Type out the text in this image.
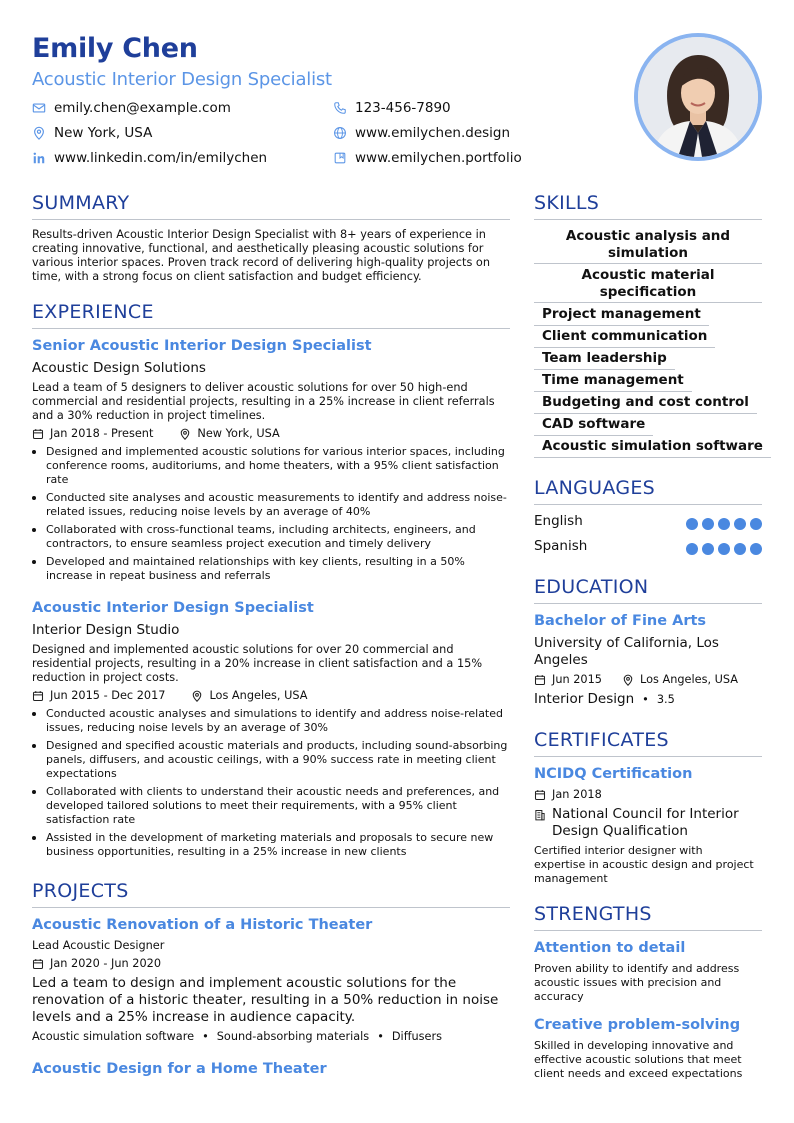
Emily Chen
Acoustic Interior Design Specialist
emily.chen@example.com	123-456-7890
New York, USA	www.emilychen.design
www.linkedin.com/in/emilychen	www.emilychen.portfolio
SUMMARY
Results-driven Acoustic Interior Design Specialist with 8+ years of experience in creating innovative, functional, and aesthetically pleasing acoustic solutions for various interior spaces. Proven track record of delivering high-quality projects on time, with a strong focus on client satisfaction and budget efficiency.
EXPERIENCE
Senior Acoustic Interior Design Specialist
Acoustic Design Solutions
Lead a team of 5 designers to deliver acoustic solutions for over 50 high-end commercial and residential projects, resulting in a 25% increase in client referrals and a 30% reduction in project timelines.
Jan 2018 - Present	New York, USA
Designed and implemented acoustic solutions for various interior spaces, including conference rooms, auditoriums, and home theaters, with a 95% client satisfaction rate
Conducted site analyses and acoustic measurements to identify and address noise-related issues, reducing noise levels by an average of 40%
Collaborated with cross-functional teams, including architects, engineers, and contractors, to ensure seamless project execution and timely delivery
Developed and maintained relationships with key clients, resulting in a 50% increase in repeat business and referrals
Acoustic Interior Design Specialist
Interior Design Studio
Designed and implemented acoustic solutions for over 20 commercial and residential projects, resulting in a 20% increase in client satisfaction and a 15% reduction in project costs.
Jun 2015 - Dec 2017	Los Angeles, USA
Conducted acoustic analyses and simulations to identify and address noise-related issues, reducing noise levels by an average of 30%
Designed and specified acoustic materials and products, including sound-absorbing panels, diffusers, and acoustic ceilings, with a 90% success rate in meeting client expectations
Collaborated with clients to understand their acoustic needs and preferences, and developed tailored solutions to meet their requirements, with a 95% client satisfaction rate
Assisted in the development of marketing materials and proposals to secure new business opportunities, resulting in a 25% increase in new clients
PROJECTS
Acoustic Renovation of a Historic Theater
Lead Acoustic Designer
Jan 2020 - Jun 2020
Led a team to design and implement acoustic solutions for the renovation of a historic theater, resulting in a 50% reduction in noise levels and a 25% increase in audience capacity.
Acoustic simulation software • Sound-absorbing materials • Diffusers
Acoustic Design for a Home Theater
SKILLS
Acoustic analysis and simulation
Acoustic material specification
Project management
Client communication
Team leadership
Time management
Budgeting and cost control
CAD software
Acoustic simulation software
LANGUAGES
English
Spanish
EDUCATION
Bachelor of Fine Arts
University of California, Los Angeles
Jun 2015	Los Angeles, USA
Interior Design • 3.5
CERTIFICATES
NCIDQ Certification
Jan 2018
National Council for Interior Design Qualification
Certified interior designer with expertise in acoustic design and project management
STRENGTHS
Attention to detail
Proven ability to identify and address acoustic issues with precision and accuracy
Creative problem-solving
Skilled in developing innovative and effective acoustic solutions that meet client needs and exceed expectations
